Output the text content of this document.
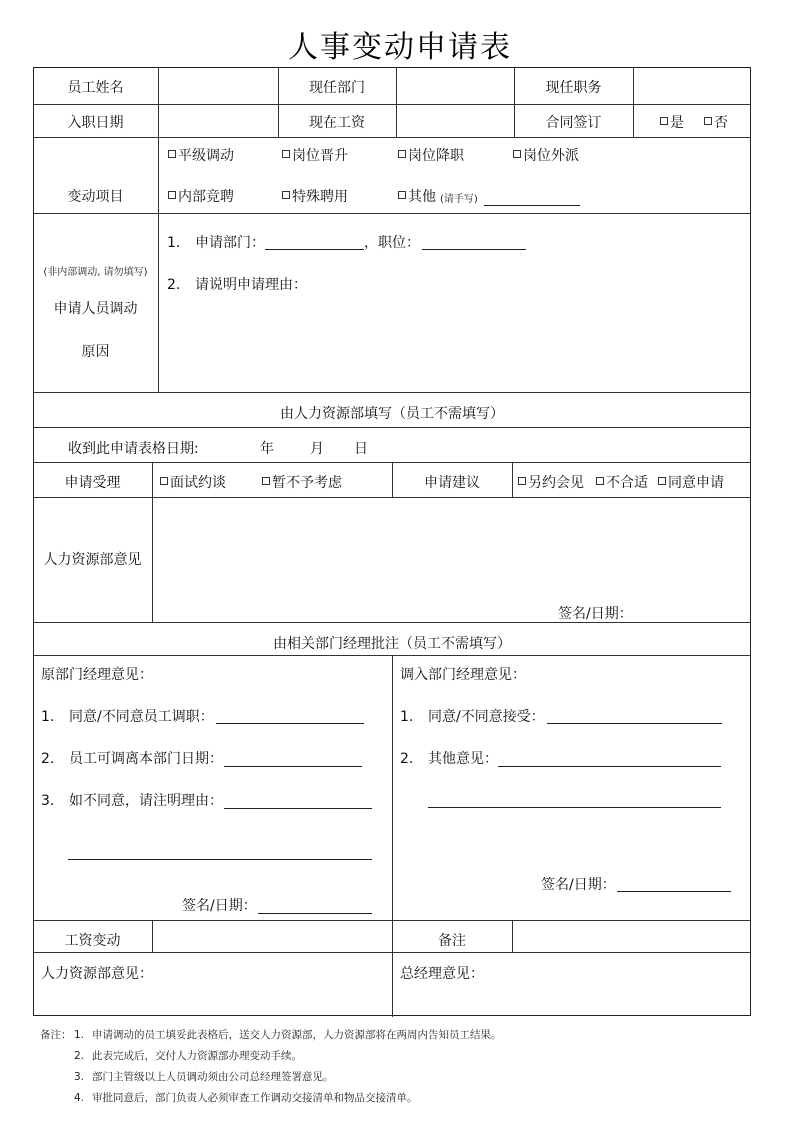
人事变动申请表
员工姓名	现任部门	现任职务
入职日期	现在工资	合同签订	是	否
变动项目
平级调动	岗位晋升	岗位降职	岗位外派
内部竞聘	特殊聘用	其他 (请手写)
(非内部调动, 请勿填写)
申请人员调动
原因
1. 申请部门：	，职位：
2. 请说明申请理由：
由人力资源部填写（员工不需填写）
收到此申请表格日期:	年	月 日
申请受理	面试约谈	暂不予考虑	申请建议	另约会见	不合适	同意申请
人力资源部意见
签名/日期：
由相关部门经理批注（员工不需填写）
原部门经理意见：
1. 同意/不同意员工调职：
2. 员工可调离本部门日期：
3. 如不同意，请注明理由：
签名/日期：
调入部门经理意见：
1. 同意/不同意接受：
2. 其他意见：
签名/日期：
工资变动	备注
人力资源部意见：	总经理意见：
备注： 1. 申请调动的员工填妥此表格后，送交人力资源部，人力资源部将在两周内告知员工结果。
2. 此表完成后，交付人力资源部办理变动手续。
3. 部门主管级以上人员调动须由公司总经理签署意见。
4. 审批同意后，部门负责人必须审查工作调动交接清单和物品交接清单。
